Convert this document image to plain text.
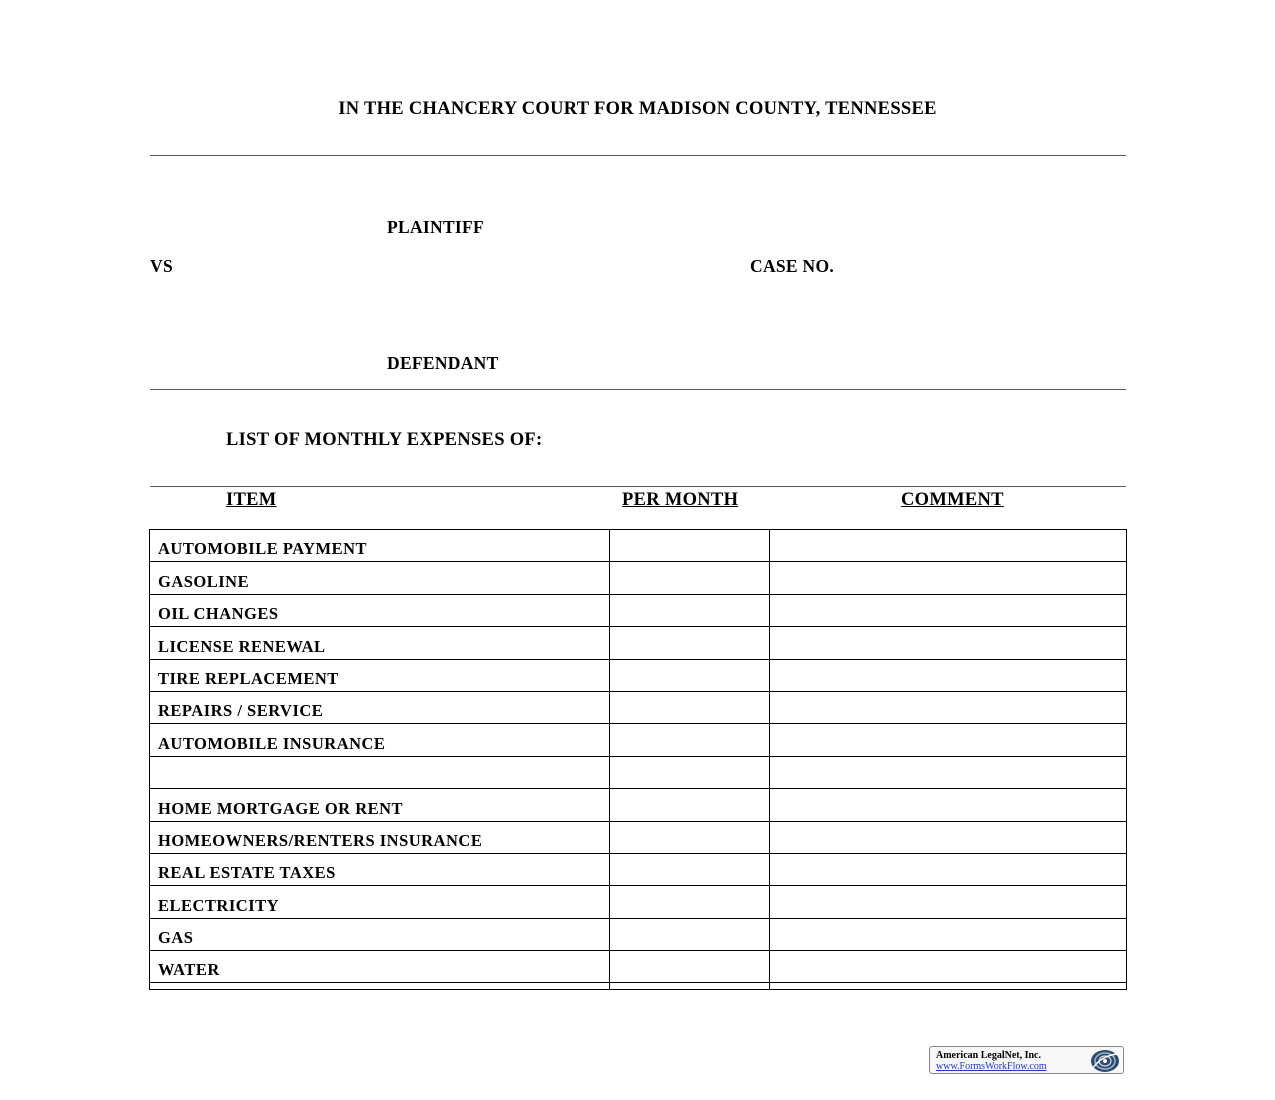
IN THE CHANCERY COURT FOR MADISON COUNTY, TENNESSEE
PLAINTIFF
VS	CASE NO.
DEFENDANT
LIST OF MONTHLY EXPENSES OF:
ITEM	PER MONTH	COMMENT
AUTOMOBILE PAYMENT		
GASOLINE		
OIL CHANGES		
LICENSE RENEWAL		
TIRE REPLACEMENT		
REPAIRS / SERVICE		
AUTOMOBILE INSURANCE		

HOME MORTGAGE OR RENT		
HOMEOWNERS/RENTERS INSURANCE		
REAL ESTATE TAXES		
ELECTRICITY		
GAS		
WATER		

American LegalNet, Inc.
www.FormsWorkFlow.com
